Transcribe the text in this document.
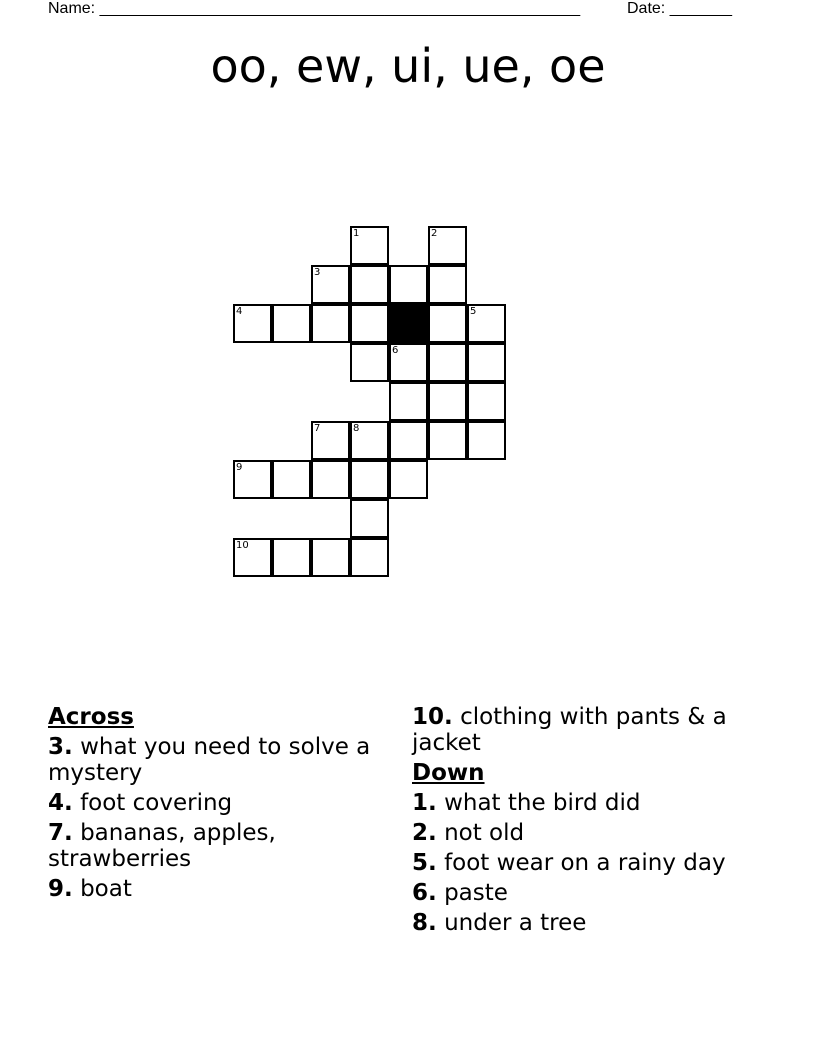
Name: ______________________________________________________	Date: _______
oo, ew, ui, ue, oe
1	2
3
4	5
6
7	8
9
10
Across
3. what you need to solve a mystery
4. foot covering
7. bananas, apples, strawberries
9. boat
10. clothing with pants & a jacket
Down
1. what the bird did
2. not old
5. foot wear on a rainy day
6. paste
8. under a tree
